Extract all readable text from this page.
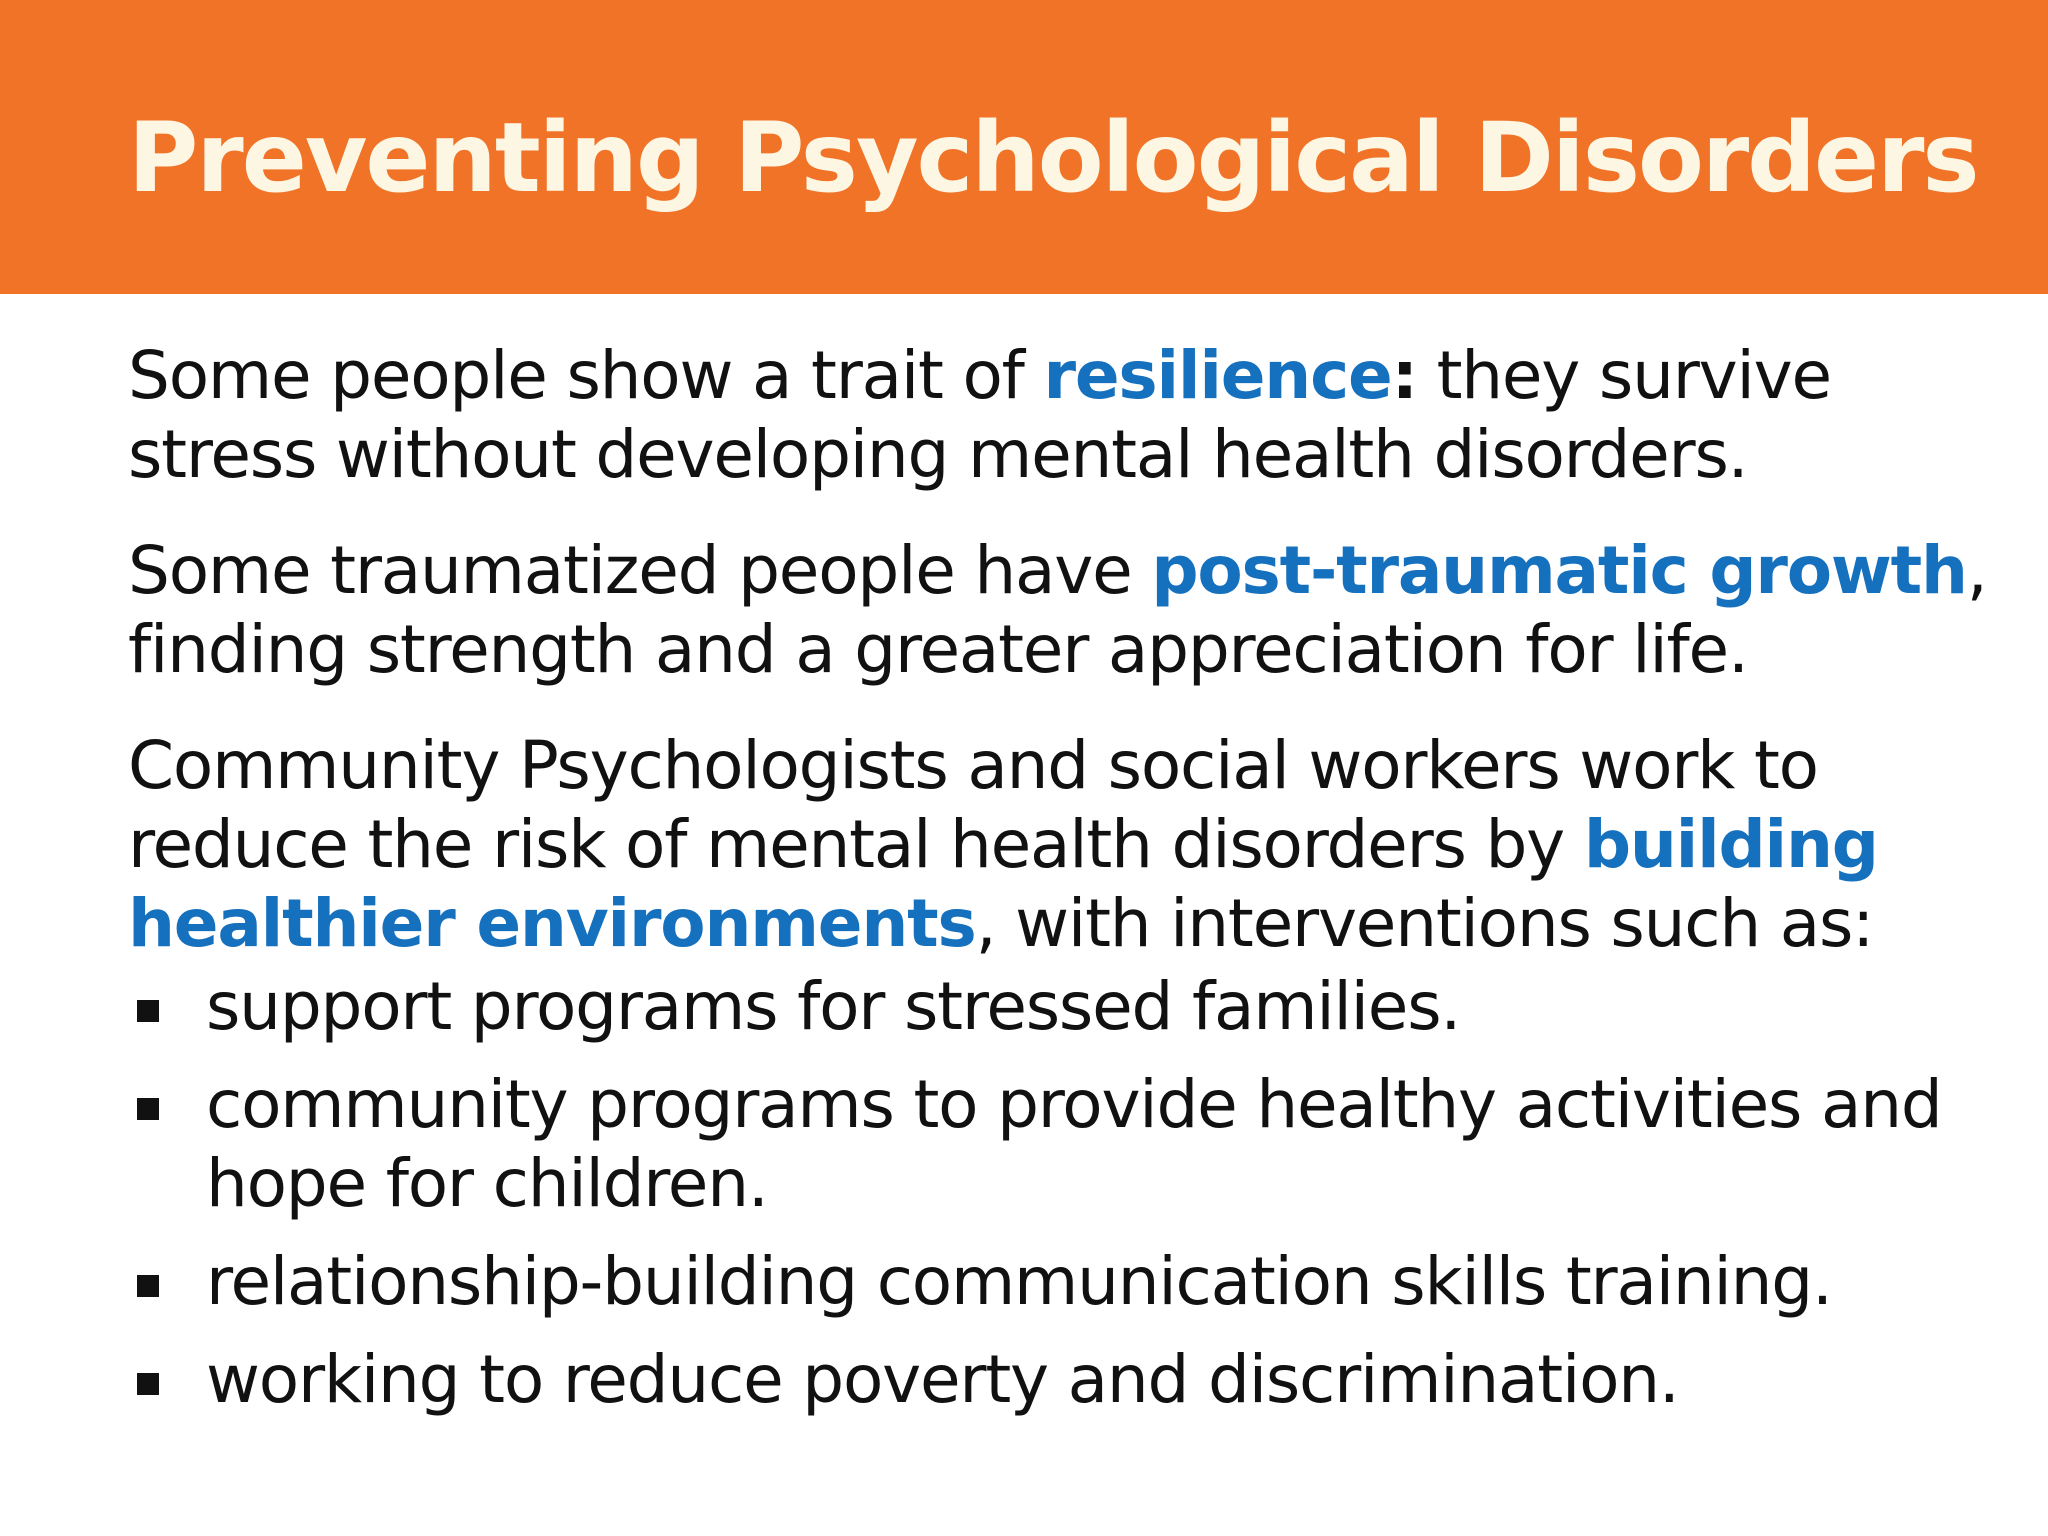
Preventing Psychological Disorders

Some people show a trait of resilience: they survive stress without developing mental health disorders.

Some traumatized people have post-traumatic growth, finding strength and a greater appreciation for life.

Community Psychologists and social workers work to reduce the risk of mental health disorders by building healthier environments, with interventions such as:

support programs for stressed families.
community programs to provide healthy activities and hope for children.
relationship-building communication skills training.
working to reduce poverty and discrimination.
